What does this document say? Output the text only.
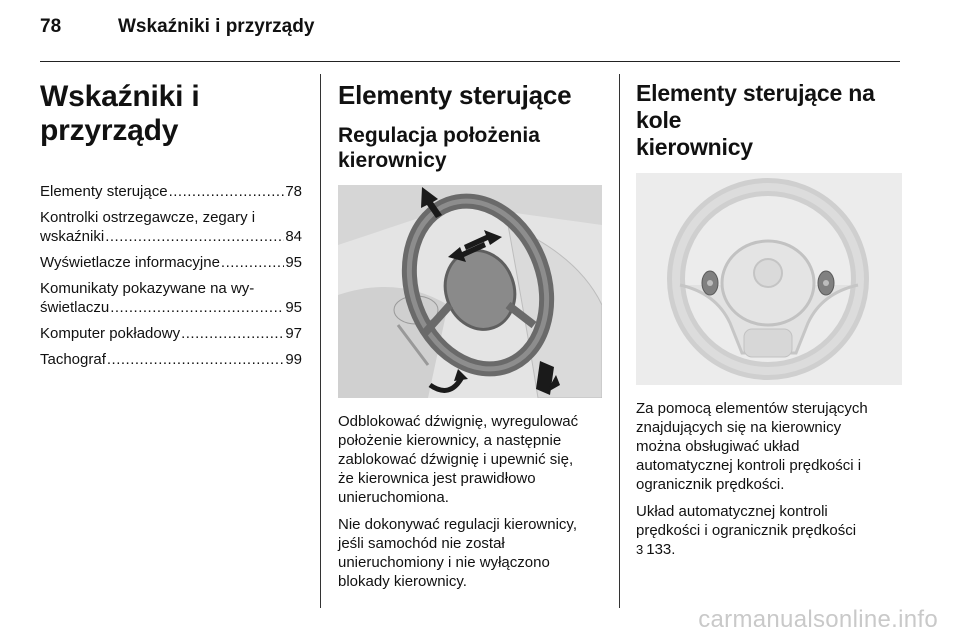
78	Wskaźniki i przyrządy
Wskaźniki i przyrządy
Elementy sterujące .....	78
Kontrolki ostrzegawcze, zegary i
wskaźniki .....	84
Wyświetlacze informacyjne .....	95
Komunikaty pokazywane na wy-
świetlaczu .....	95
Komputer pokładowy .....	97
Tachograf .....	99
Elementy sterujące
Regulacja położenia
kierownicy
Odblokować dźwignię, wyregulować
położenie kierownicy, a następnie
zablokować dźwignię i upewnić się,
że kierownica jest prawidłowo
unieruchomiona.
Nie dokonywać regulacji kierownicy,
jeśli samochód nie został
unieruchomiony i nie wyłączono
blokady kierownicy.
Elementy sterujące na kole
kierownicy
Za pomocą elementów sterujących
znajdujących się na kierownicy
można obsługiwać układ
automatycznej kontroli prędkości i
ogranicznik prędkości.
Układ automatycznej kontroli
prędkości i ogranicznik prędkości
3 133.
carmanualsonline.info
